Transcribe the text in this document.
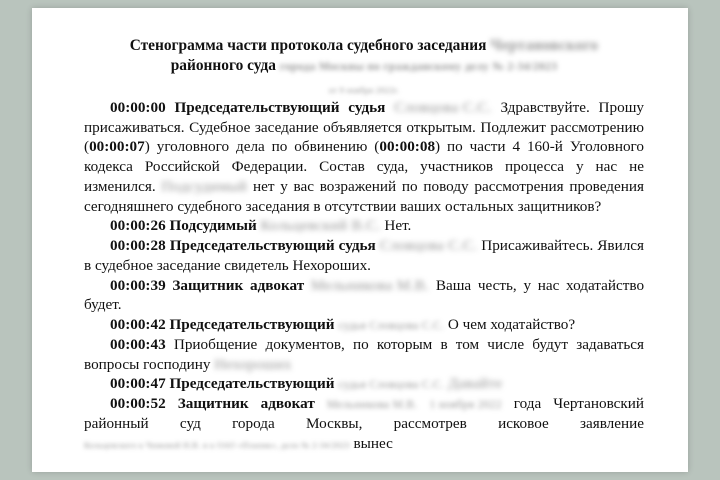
Стенограмма части протокола судебного заседания Чертановского
районного суда города Москвы по гражданскому делу № 2-34/2023

от 9 ноября 2022г.

00:00:00 Председательствующий судья Словцова С.С. Здравствуйте. Прошу присаживаться. Судебное заседание объявляется открытым. Подлежит рассмотрению (00:00:07) уголовного дела по обвинению (00:00:08) по части 4 160-й Уголовного кодекса Российской Федерации. Состав суда, участников процесса у нас не изменился. Подсудимый нет у вас возражений по поводу рассмотрения проведения сегодняшнего судебного заседания в отсутствии ваших остальных защитников?

00:00:26 Подсудимый Кольцевский В.С. Нет.

00:00:28 Председательствующий судья Словцова С.С. Присаживайтесь. Явился в судебное заседание свидетель Нехороших.

00:00:39 Защитник адвокат Мельникова М.В. Ваша честь, у нас ходатайство будет.

00:00:42 Председательствующий судья Словцова С.С. О чем ходатайство?

00:00:43 Приобщение документов, по которым в том числе будут задаваться вопросы господину Нехороших

00:00:47 Председательствующий судья Словцова С.С. Давайте

00:00:52 Защитник адвокат Мельникова М.В. 1 ноября 2022 года Чертановский районный суд города Москвы, рассмотрев исковое заявление Кольцевского к Чижовой Н.В. и к ОАО «Планик», дело № 2-34/2023 вынес
